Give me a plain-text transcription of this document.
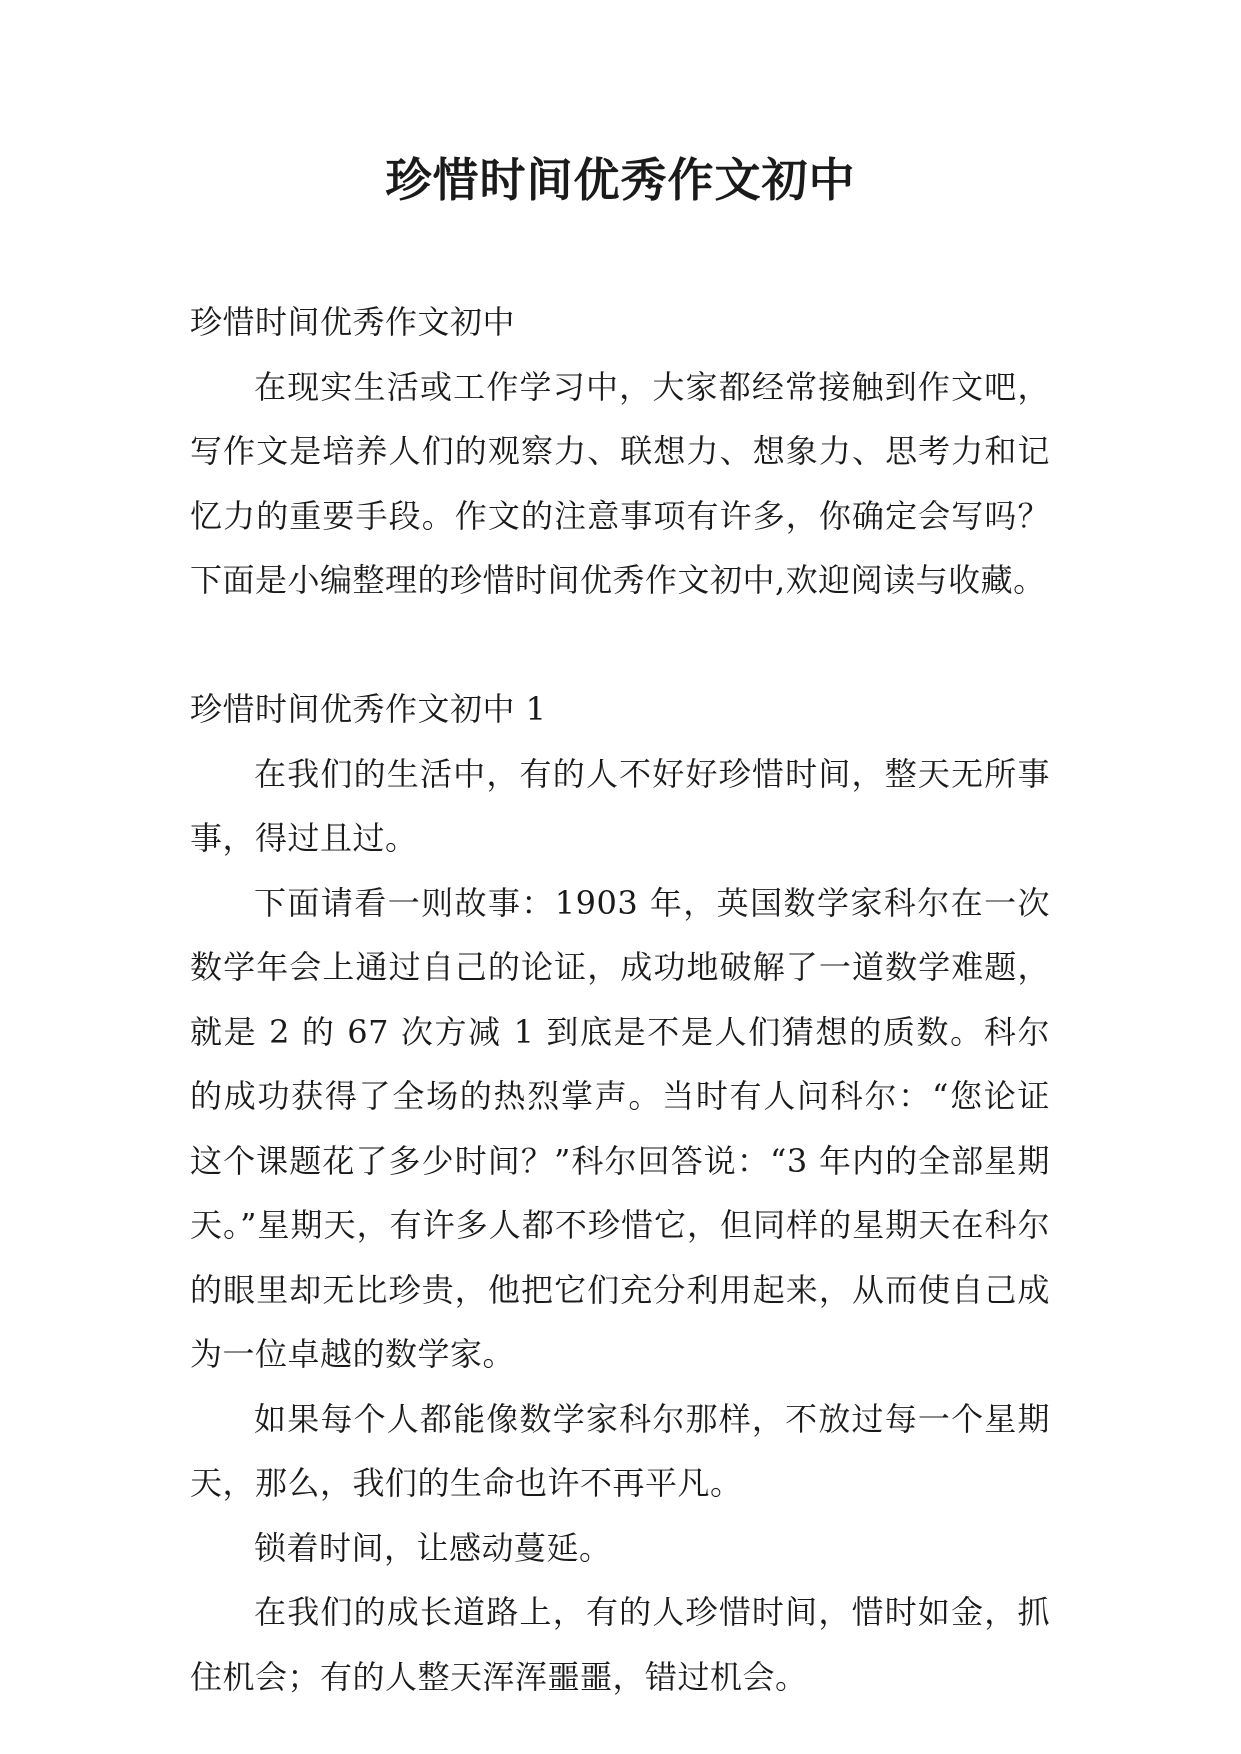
珍惜时间优秀作文初中

珍惜时间优秀作文初中

在现实生活或工作学习中，大家都经常接触到作文吧，写作文是培养人们的观察力、联想力、想象力、思考力和记忆力的重要手段。作文的注意事项有许多，你确定会写吗？下面是小编整理的珍惜时间优秀作文初中,欢迎阅读与收藏。

珍惜时间优秀作文初中 1

在我们的生活中，有的人不好好珍惜时间，整天无所事事，得过且过。

下面请看一则故事：1903 年，英国数学家科尔在一次数学年会上通过自己的论证，成功地破解了一道数学难题，就是 2 的 67 次方减 1 到底是不是人们猜想的质数。科尔的成功获得了全场的热烈掌声。当时有人问科尔：“您论证这个课题花了多少时间？”科尔回答说：“3 年内的全部星期天。”星期天，有许多人都不珍惜它，但同样的星期天在科尔的眼里却无比珍贵，他把它们充分利用起来，从而使自己成为一位卓越的数学家。

如果每个人都能像数学家科尔那样，不放过每一个星期天，那么，我们的生命也许不再平凡。

锁着时间，让感动蔓延。

在我们的成长道路上，有的人珍惜时间，惜时如金，抓住机会；有的人整天浑浑噩噩，错过机会。
